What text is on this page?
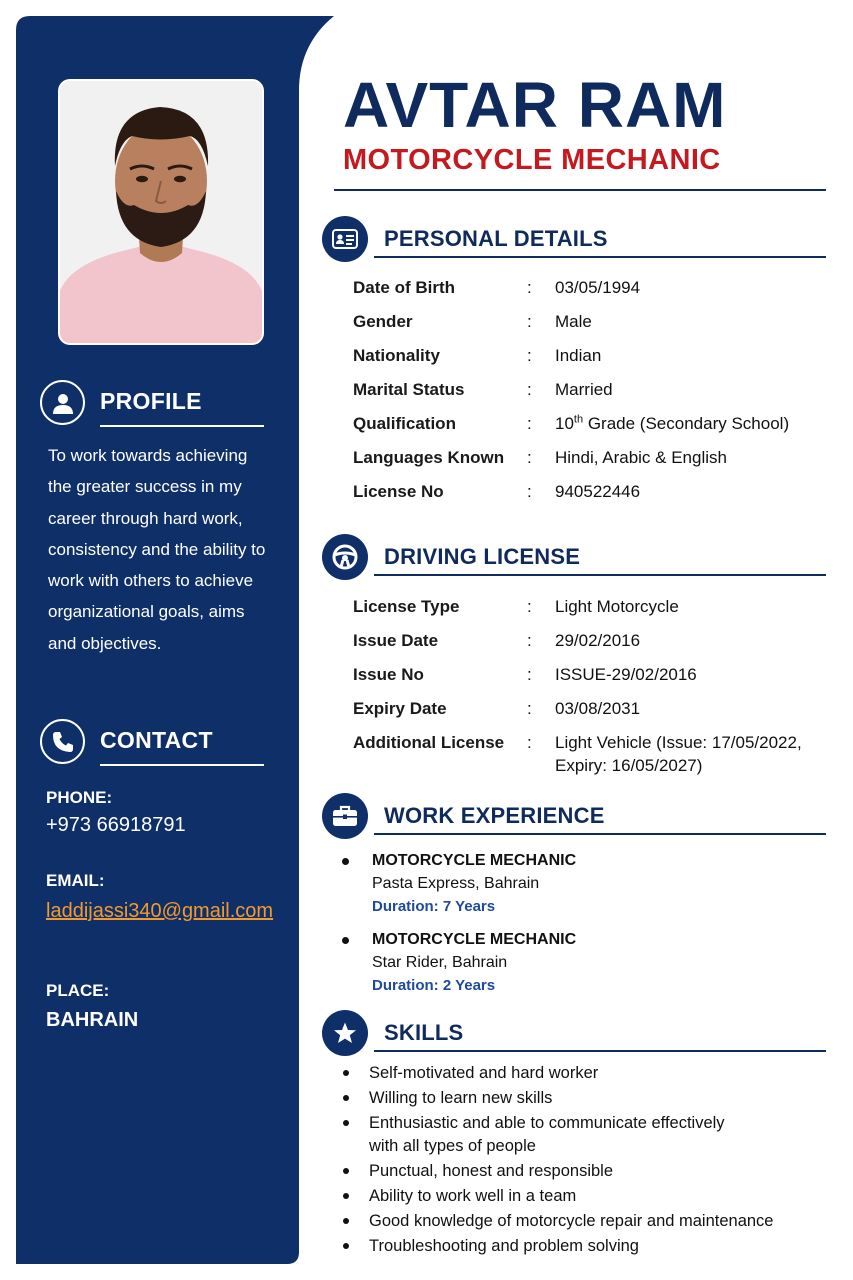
PROFILE
To work towards achieving the greater success in my career through hard work, consistency and the ability to work with others to achieve organizational goals, aims and objectives.
CONTACT
PHONE:
+973 66918791
EMAIL:
laddijassi340@gmail.com
PLACE:
BAHRAIN
AVTAR RAM
MOTORCYCLE MECHANIC
PERSONAL DETAILS
Date of Birth	: 03/05/1994
Gender	: Male
Nationality	: Indian
Marital Status	: Married
Qualification	: 10th Grade (Secondary School)
Languages Known : Hindi, Arabic & English
License No	: 940522446
DRIVING LICENSE
License Type	: Light Motorcycle
Issue Date	: 29/02/2016
Issue No	: ISSUE-29/02/2016
Expiry Date	: 03/08/2031
Additional License : Light Vehicle (Issue: 17/05/2022, Expiry: 16/05/2027)
WORK EXPERIENCE
MOTORCYCLE MECHANIC
Pasta Express, Bahrain
Duration: 7 Years
MOTORCYCLE MECHANIC
Star Rider, Bahrain
Duration: 2 Years
SKILLS
Self-motivated and hard worker
Willing to learn new skills
Enthusiastic and able to communicate effectively with all types of people
Punctual, honest and responsible
Ability to work well in a team
Good knowledge of motorcycle repair and maintenance
Troubleshooting and problem solving
